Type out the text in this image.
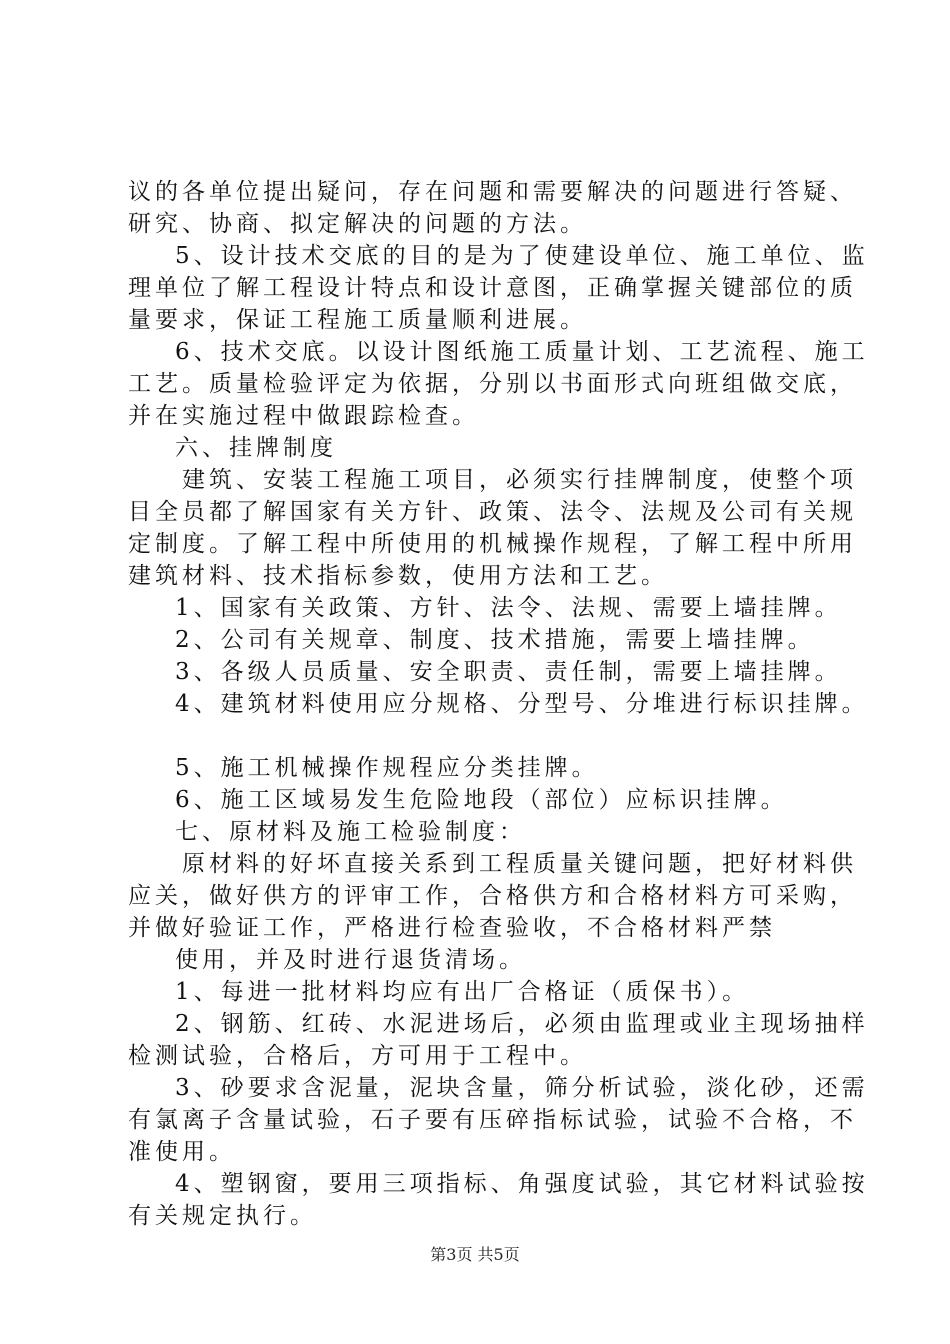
议的各单位提出疑问，存在问题和需要解决的问题进行答疑、
研究、协商、拟定解决的问题的方法。
5、设计技术交底的目的是为了使建设单位、施工单位、监
理单位了解工程设计特点和设计意图，正确掌握关键部位的质
量要求，保证工程施工质量顺利进展。
6、技术交底。以设计图纸施工质量计划、工艺流程、施工
工艺。质量检验评定为依据，分别以书面形式向班组做交底，
并在实施过程中做跟踪检查。
六、挂牌制度
建筑、安装工程施工项目，必须实行挂牌制度，使整个项
目全员都了解国家有关方针、政策、法令、法规及公司有关规
定制度。了解工程中所使用的机械操作规程，了解工程中所用
建筑材料、技术指标参数，使用方法和工艺。
1、国家有关政策、方针、法令、法规、需要上墙挂牌。
2、公司有关规章、制度、技术措施，需要上墙挂牌。
3、各级人员质量、安全职责、责任制，需要上墙挂牌。
4、建筑材料使用应分规格、分型号、分堆进行标识挂牌。
5、施工机械操作规程应分类挂牌。
6、施工区域易发生危险地段（部位）应标识挂牌。
七、原材料及施工检验制度：
原材料的好坏直接关系到工程质量关键问题，把好材料供
应关，做好供方的评审工作，合格供方和合格材料方可采购，
并做好验证工作，严格进行检查验收，不合格材料严禁
使用，并及时进行退货清场。
1、每进一批材料均应有出厂合格证（质保书）。
2、钢筋、红砖、水泥进场后，必须由监理或业主现场抽样
检测试验，合格后，方可用于工程中。
3、砂要求含泥量，泥块含量，筛分析试验，淡化砂，还需
有氯离子含量试验，石子要有压碎指标试验，试验不合格，不
准使用。
4、塑钢窗，要用三项指标、角强度试验，其它材料试验按
有关规定执行。
第3页 共5页
